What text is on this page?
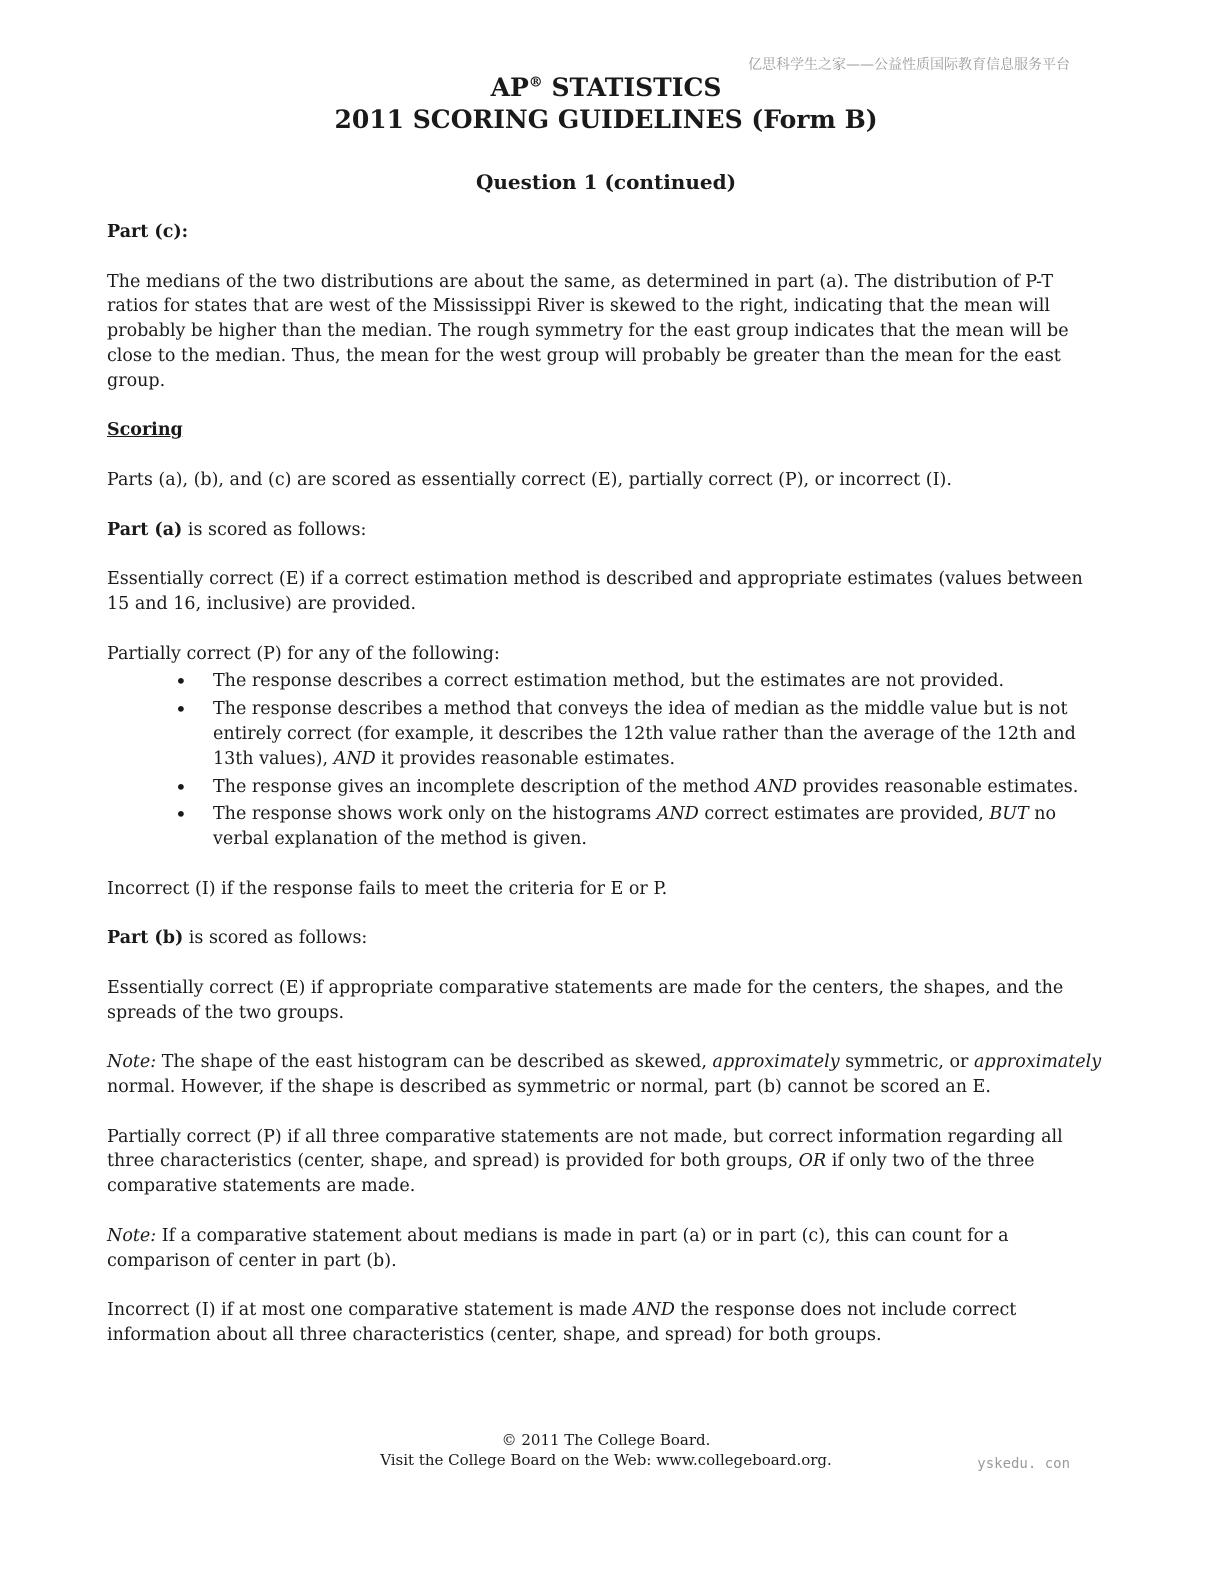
亿思科学生之家——公益性质国际教育信息服务平台
AP® STATISTICS
2011 SCORING GUIDELINES (Form B)
Question 1 (continued)

Part (c):

The medians of the two distributions are about the same, as determined in part (a). The distribution of P-T ratios for states that are west of the Mississippi River is skewed to the right, indicating that the mean will probably be higher than the median. The rough symmetry for the east group indicates that the mean will be close to the median. Thus, the mean for the west group will probably be greater than the mean for the east group.

Scoring

Parts (a), (b), and (c) are scored as essentially correct (E), partially correct (P), or incorrect (I).

Part (a) is scored as follows:

Essentially correct (E) if a correct estimation method is described and appropriate estimates (values between 15 and 16, inclusive) are provided.

Partially correct (P) for any of the following:

• The response describes a correct estimation method, but the estimates are not provided.
• The response describes a method that conveys the idea of median as the middle value but is not entirely correct (for example, it describes the 12th value rather than the average of the 12th and 13th values), AND it provides reasonable estimates.
• The response gives an incomplete description of the method AND provides reasonable estimates.
• The response shows work only on the histograms AND correct estimates are provided, BUT no verbal explanation of the method is given.

Incorrect (I) if the response fails to meet the criteria for E or P.

Part (b) is scored as follows:

Essentially correct (E) if appropriate comparative statements are made for the centers, the shapes, and the spreads of the two groups.

Note: The shape of the east histogram can be described as skewed, approximately symmetric, or approximately normal. However, if the shape is described as symmetric or normal, part (b) cannot be scored an E.

Partially correct (P) if all three comparative statements are not made, but correct information regarding all three characteristics (center, shape, and spread) is provided for both groups, OR if only two of the three comparative statements are made.

Note: If a comparative statement about medians is made in part (a) or in part (c), this can count for a comparison of center in part (b).

Incorrect (I) if at most one comparative statement is made AND the response does not include correct information about all three characteristics (center, shape, and spread) for both groups.

© 2011 The College Board.
Visit the College Board on the Web: www.collegeboard.org.	yskedu. con
